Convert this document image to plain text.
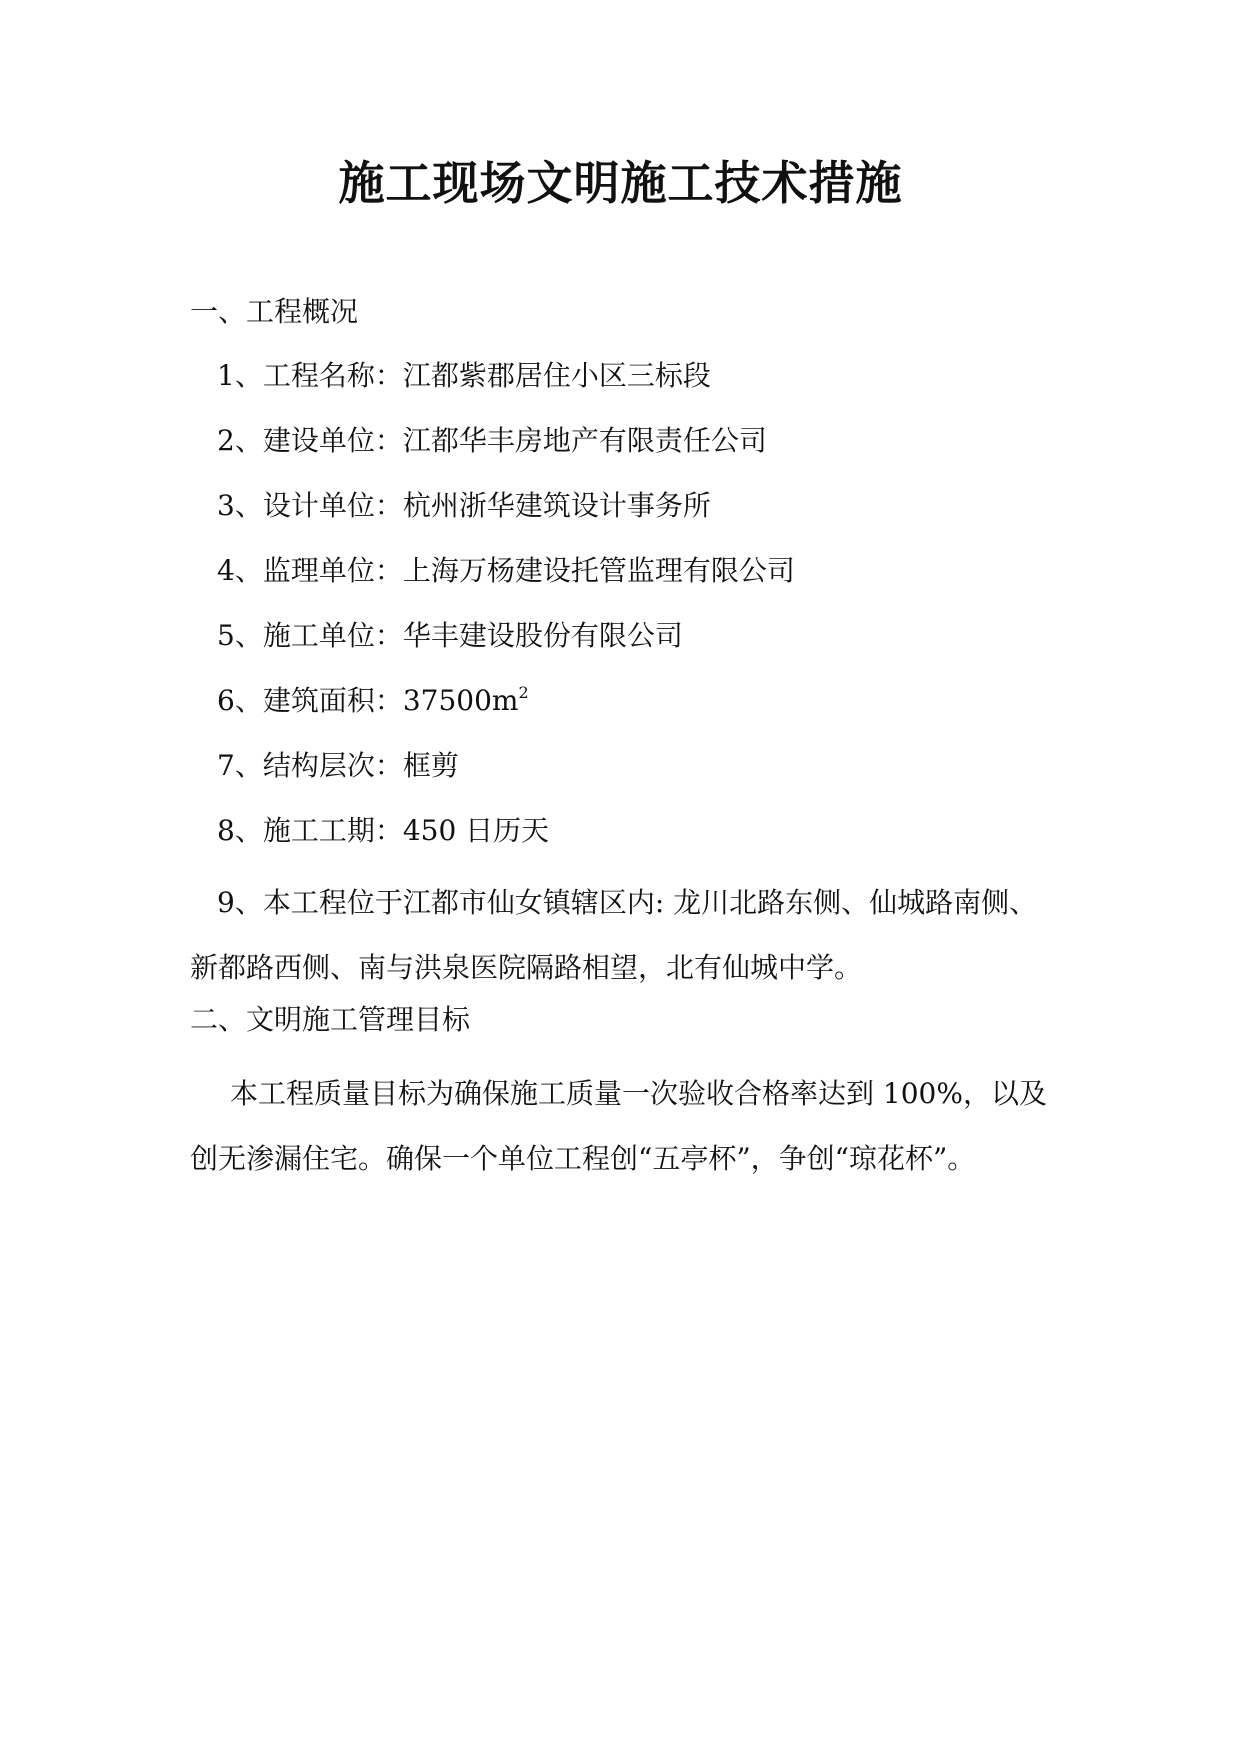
施工现场文明施工技术措施
一、工程概况
1、工程名称：江都紫郡居住小区三标段
2、建设单位：江都华丰房地产有限责任公司
3、设计单位：杭州浙华建筑设计事务所
4、监理单位：上海万杨建设托管监理有限公司
5、施工单位：华丰建设股份有限公司
6、建筑面积：$37500m^2$
7、结构层次：框剪
8、施工工期：450 日历天
9、本工程位于江都市仙女镇辖区内: 龙川北路东侧、仙城路南侧、
新都路西侧、南与洪泉医院隔路相望，北有仙城中学。
二、文明施工管理目标
本工程质量目标为确保施工质量一次验收合格率达到 100%，以及
创无渗漏住宅。确保一个单位工程创“五亭杯”，争创“琼花杯”。
